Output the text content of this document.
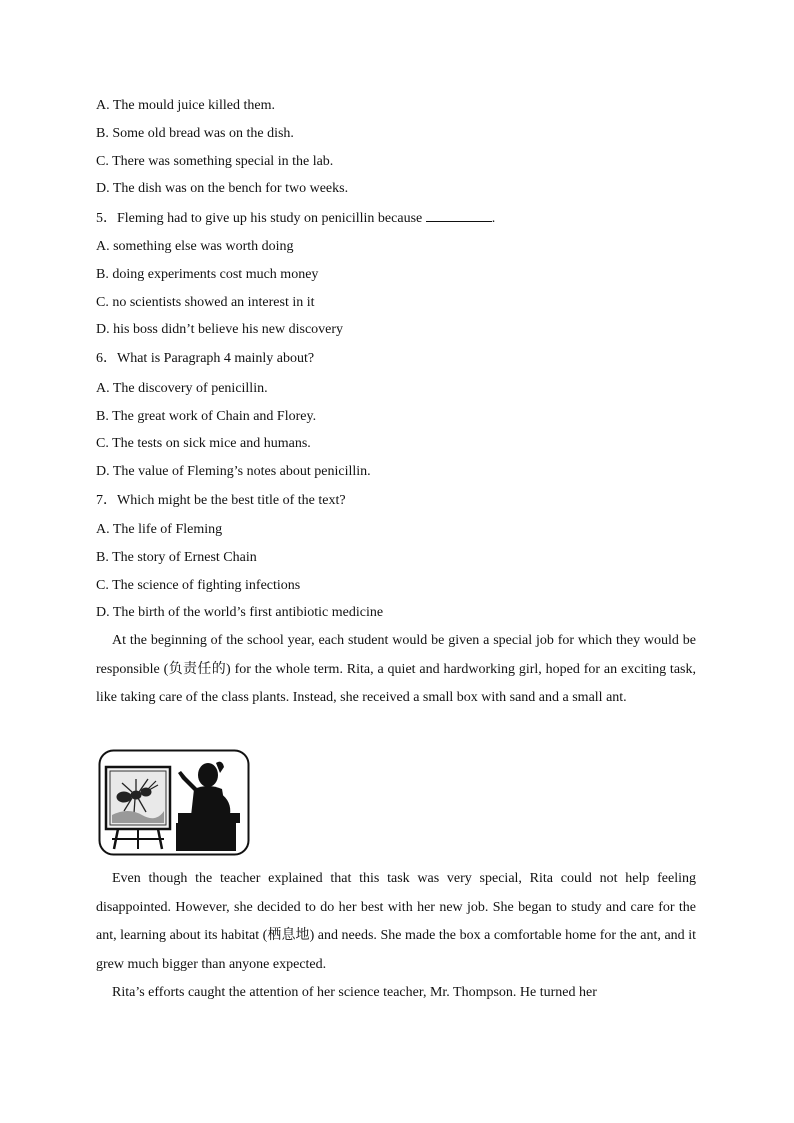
A. The mould juice killed them.
B. Some old bread was on the dish.
C. There was something special in the lab.
D. The dish was on the bench for two weeks.
5．Fleming had to give up his study on penicillin because	.
A. something else was worth doing
B. doing experiments cost much money
C. no scientists showed an interest in it
D. his boss didn’t believe his new discovery
6．What is Paragraph 4 mainly about?
A. The discovery of penicillin.
B. The great work of Chain and Florey.
C. The tests on sick mice and humans.
D. The value of Fleming’s notes about penicillin.
7．Which might be the best title of the text?
A. The life of Fleming
B. The story of Ernest Chain
C. The science of fighting infections
D. The birth of the world’s first antibiotic medicine
At the beginning of the school year, each student would be given a special job for which they would be responsible (负责任的) for the whole term. Rita, a quiet and hardworking girl, hoped for an exciting task, like taking care of the class plants. Instead, she received a small box with sand and a small ant.
Even though the teacher explained that this task was very special, Rita could not help feeling disappointed. However, she decided to do her best with her new job. She began to study and care for the ant, learning about its habitat (栖息地) and needs. She made the box a comfortable home for the ant, and it grew much bigger than anyone expected.
Rita’s efforts caught the attention of her science teacher, Mr. Thompson. He turned her
